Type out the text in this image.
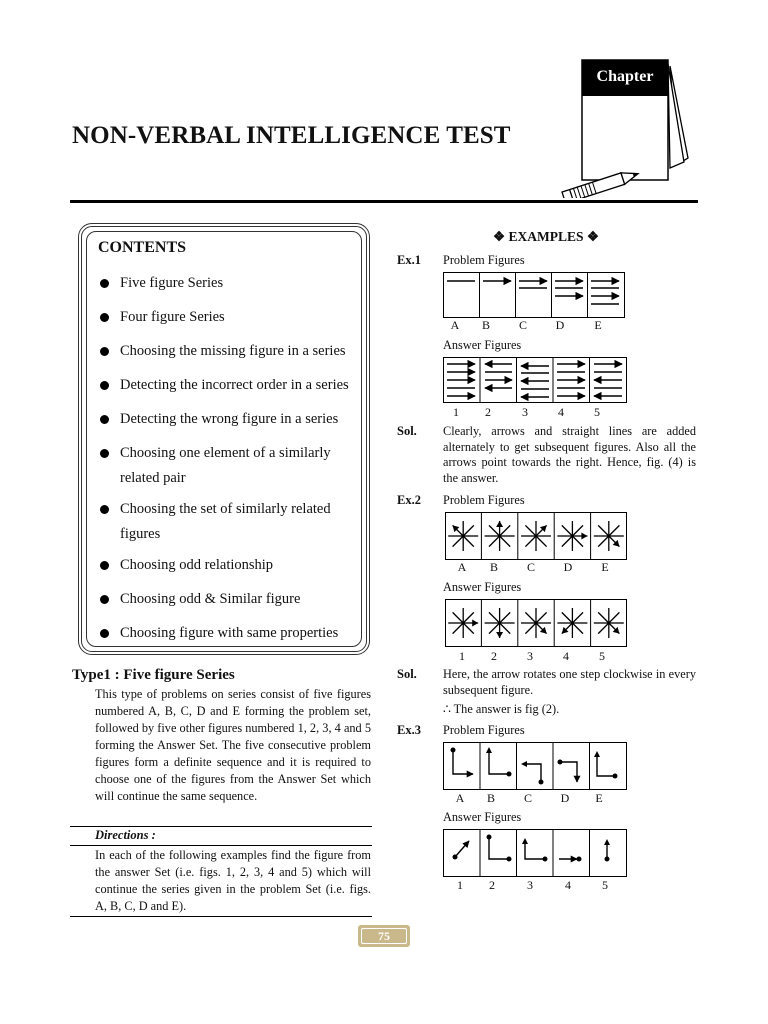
NON-VERBAL INTELLIGENCE TEST
Chapter
CONTENTS
Five figure Series
Four figure Series
Choosing the missing figure in a series
Detecting the incorrect order in a series
Detecting the wrong figure in a series
Choosing one element of a similarly related pair
Choosing the set of similarly related figures
Choosing odd relationship
Choosing odd & Similar figure
Choosing figure with same properties
Type1 : Five figure Series
This type of problems on series consist of five figures numbered A, B, C, D and E forming the problem set, followed by five other figures numbered 1, 2, 3, 4 and 5 forming the Answer Set. The five consecutive problem figures form a definite sequence and it is required to choose one of the figures from the Answer Set which will continue the same sequence.
Directions :
In each of the following examples find the figure from the answer Set (i.e. figs. 1, 2, 3, 4 and 5) which will continue the series given in the problem Set (i.e. figs. A, B, C, D and E).
❖ EXAMPLES ❖
Ex.1 Problem Figures
A	B	C	D	E
Answer Figures
1	2	3	4	5
Sol. Clearly, arrows and straight lines are added alternately to get subsequent figures. Also all the arrows point towards the right. Hence, fig. (4) is the answer.
Ex.2 Problem Figures
A	B	C	D	E
Answer Figures
1	2	3	4	5
Sol. Here, the arrow rotates one step clockwise in every subsequent figure.
∴ The answer is fig (2).
Ex.3 Problem Figures
A	B	C	D	E
Answer Figures
1	2	3	4	5
75
